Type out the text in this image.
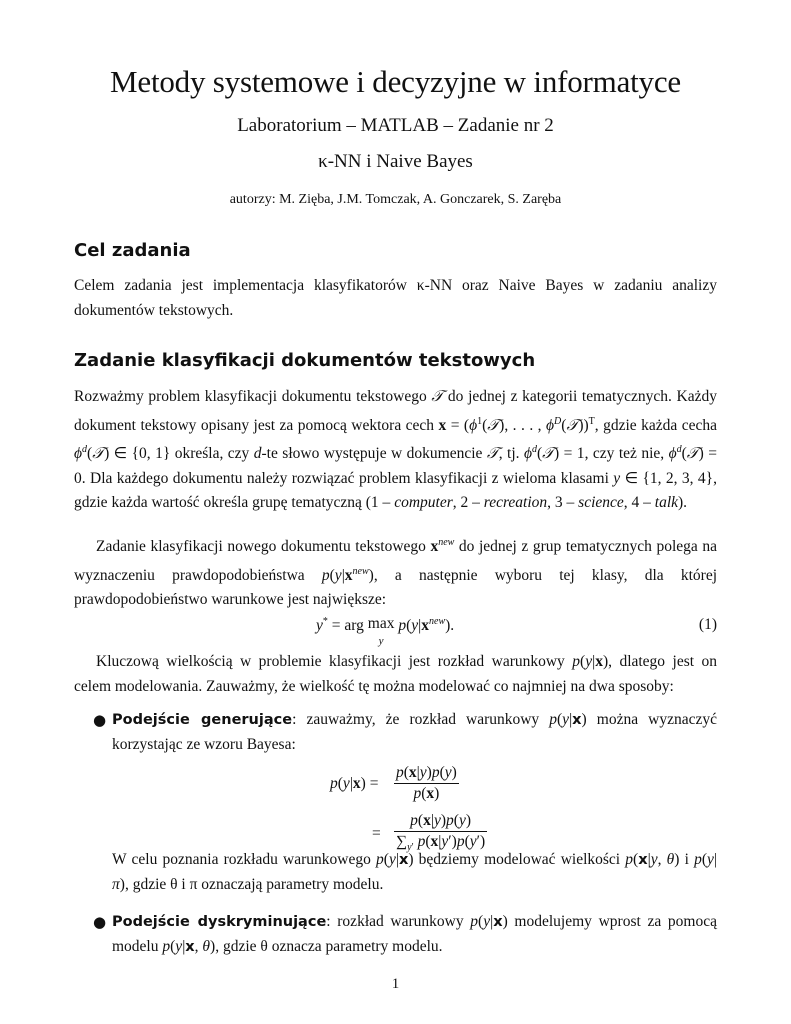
Metody systemowe i decyzyjne w informatyce
Laboratorium – MATLAB – Zadanie nr 2
κ-NN i Naive Bayes
autorzy: M. Zięba, J.M. Tomczak, A. Gonczarek, S. Zaręba
Cel zadania

Celem zadania jest implementacja klasyfikatorów κ-NN oraz Naive Bayes w zadaniu analizy dokumentów tekstowych.

Zadanie klasyfikacji dokumentów tekstowych

Rozważmy problem klasyfikacji dokumentu tekstowego 𝒯 do jednej z kategorii tematycznych. Każdy dokument tekstowy opisany jest za pomocą wektora cech $x = (\phi^1(𝒯)$, . . . , $\phi^D(𝒯))^T$, gdzie każda cecha $\phi^d(𝒯)$ ∈ {0, 1} określa, czy d-te słowo występuje w dokumencie 𝒯, tj. $\phi^d(𝒯) = 1$, czy też nie, $\phi^d(𝒯) = 0$. Dla każdego dokumentu należy rozwiązać problem klasyfikacji z wieloma klasami y ∈ {1, 2, 3, 4}, gdzie każda wartość określa grupę tematyczną (1 – computer, 2 – recreation, 3 – science, 4 – talk).

Zadanie klasyfikacji nowego dokumentu tekstowego $x^{new}$ do jednej z grup tematycznych polega na wyznaczeniu prawdopodobieństwa $p(y|x^{new})$, a następnie wyboru tej klasy, dla której prawdopodobieństwo warunkowe jest największe:

y* = arg max
y $p(y|x^{new})$.	(1)

Kluczową wielkością w problemie klasyfikacji jest rozkład warunkowy p(y|x), dlatego jest on celem modelowania. Zauważmy, że wielkość tę można modelować co najmniej na dwa sposoby:

● Podejście generujące: zauważmy, że rozkład warunkowy p(y|x) można wyznaczyć korzystając ze wzoru Bayesa:

$p(y|x) = \frac{p(x|y)p(y)}{p(x)}$
= $\frac{p(x|y)p(y)}{\sum_{y'} p(x|y')p(y')}$

W celu poznania rozkładu warunkowego p(y|x) będziemy modelować wielkości p(x|y, θ) i p(y|π), gdzie θ i π oznaczają parametry modelu.

● Podejście dyskryminujące: rozkład warunkowy p(y|x) modelujemy wprost za pomocą modelu p(y|x, θ), gdzie θ oznacza parametry modelu.

1
